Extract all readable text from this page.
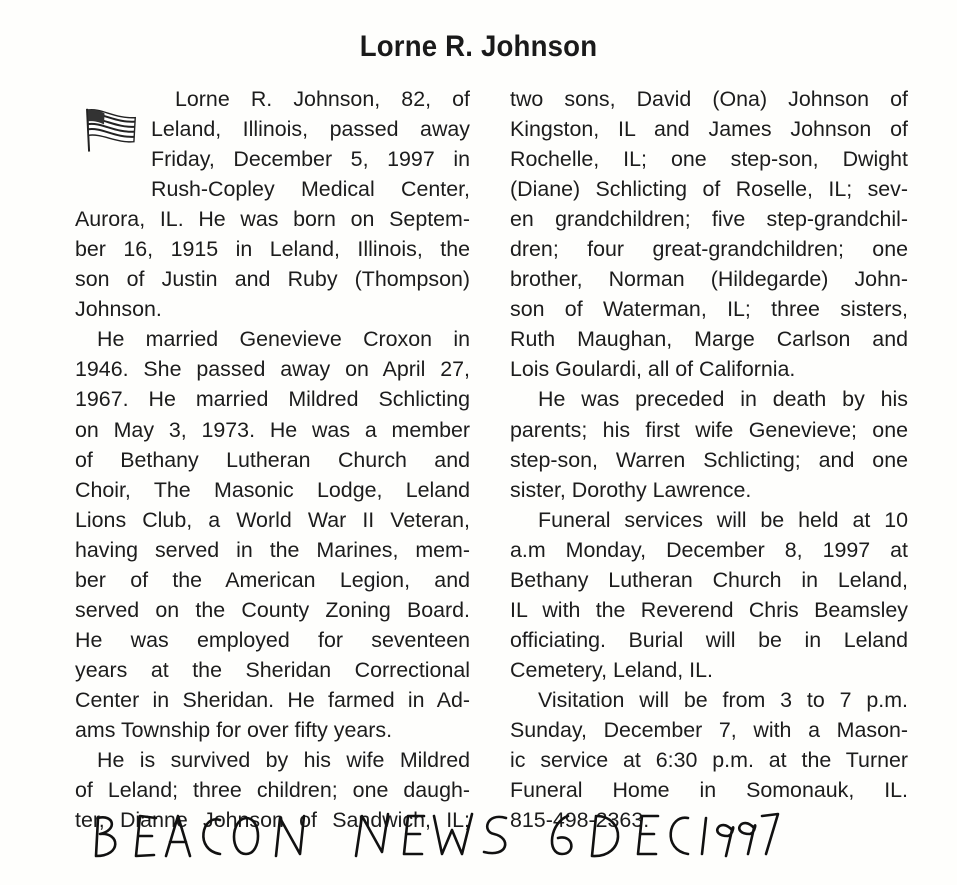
Lorne R. Johnson
Lorne R. Johnson, 82, of
Leland, Illinois, passed away
Friday, December 5, 1997 in
Rush-Copley Medical Center,
Aurora, IL. He was born on Septem-
ber 16, 1915 in Leland, Illinois, the
son of Justin and Ruby (Thompson)
Johnson.
He married Genevieve Croxon in
1946. She passed away on April 27,
1967. He married Mildred Schlicting
on May 3, 1973. He was a member
of Bethany Lutheran Church and
Choir, The Masonic Lodge, Leland
Lions Club, a World War II Veteran,
having served in the Marines, mem-
ber of the American Legion, and
served on the County Zoning Board.
He was employed for seventeen
years at the Sheridan Correctional
Center in Sheridan. He farmed in Ad-
ams Township for over fifty years.
He is survived by his wife Mildred
of Leland; three children; one daugh-
ter, Dianne Johnson of Sandwich, IL;
two sons, David (Ona) Johnson of
Kingston, IL and James Johnson of
Rochelle, IL; one step-son, Dwight
(Diane) Schlicting of Roselle, IL; sev-
en grandchildren; five step-grandchil-
dren; four great-grandchildren; one
brother, Norman (Hildegarde) John-
son of Waterman, IL; three sisters,
Ruth Maughan, Marge Carlson and
Lois Goulardi, all of California.
He was preceded in death by his
parents; his first wife Genevieve; one
step-son, Warren Schlicting; and one
sister, Dorothy Lawrence.
Funeral services will be held at 10
a.m Monday, December 8, 1997 at
Bethany Lutheran Church in Leland,
IL with the Reverend Chris Beamsley
officiating. Burial will be in Leland
Cemetery, Leland, IL.
Visitation will be from 3 to 7 p.m.
Sunday, December 7, with a Mason-
ic service at 6:30 p.m. at the Turner
Funeral Home in Somonauk, IL.
815-498-2363.
